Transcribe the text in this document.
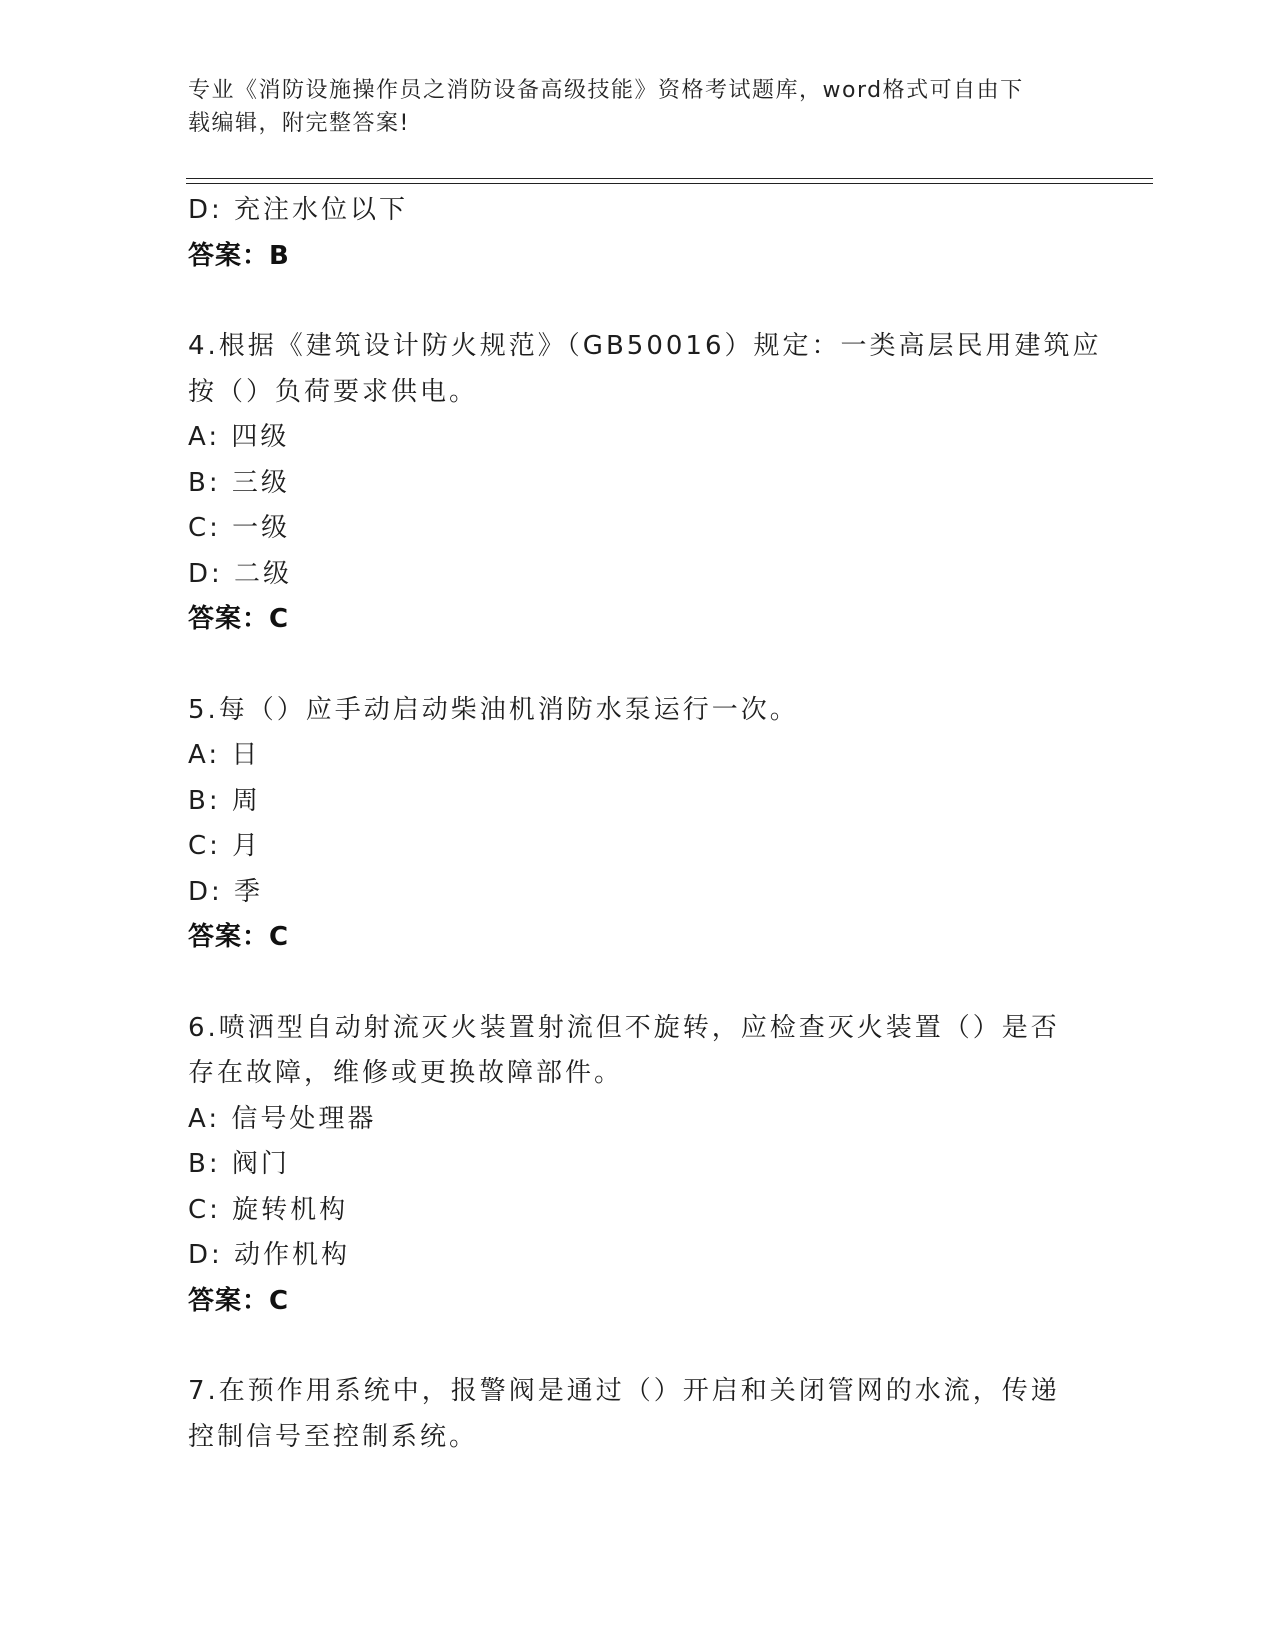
专业《消防设施操作员之消防设备高级技能》资格考试题库，word格式可自由下
载编辑，附完整答案!
D: 充注水位以下
答案：B
4.根据《建筑设计防火规范》（GB50016）规定：一类高层民用建筑应
按（）负荷要求供电。
A: 四级
B: 三级
C: 一级
D: 二级
答案：C
5.每（）应手动启动柴油机消防水泵运行一次。
A: 日
B: 周
C: 月
D: 季
答案：C
6.喷洒型自动射流灭火装置射流但不旋转，应检查灭火装置（）是否
存在故障，维修或更换故障部件。
A: 信号处理器
B: 阀门
C: 旋转机构
D: 动作机构
答案：C
7.在预作用系统中，报警阀是通过（）开启和关闭管网的水流，传递
控制信号至控制系统。
